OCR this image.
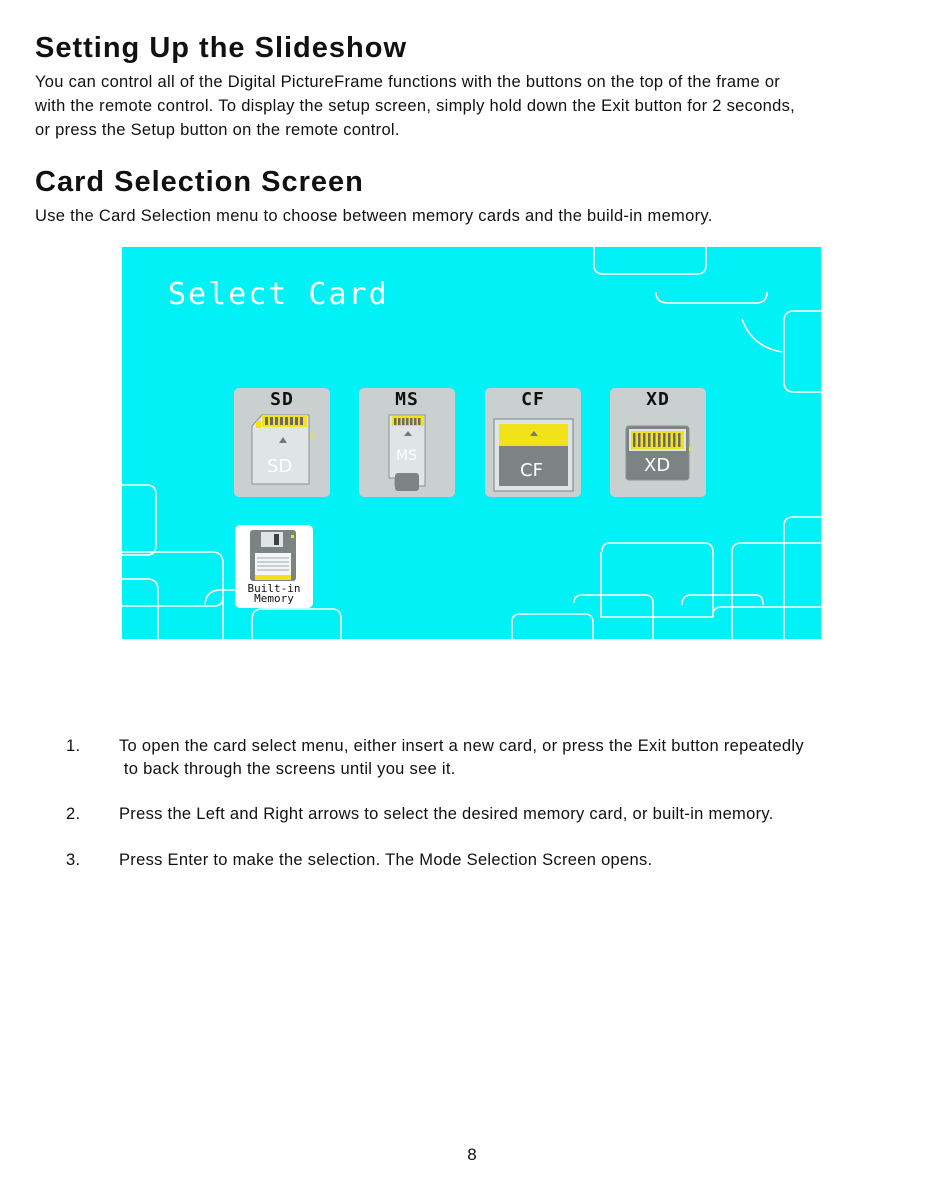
Setting Up the Slideshow
You can control all of the Digital PictureFrame functions with the buttons on the top of the frame or
with the remote control. To display the setup screen, simply hold down the Exit button for 2 seconds,
or press the Setup button on the remote control.
Card Selection Screen
Use the Card Selection menu to choose between memory cards and the build-in memory.
Select Card
SD
SD
MS
MS
CF
CF
XD
XD
Built-in
Memory
1. To open the card select menu, either insert a new card, or press the Exit button repeatedly
to back through the screens until you see it.
2. Press the Left and Right arrows to select the desired memory card, or built-in memory.
3. Press Enter to make the selection. The Mode Selection Screen opens.
8
